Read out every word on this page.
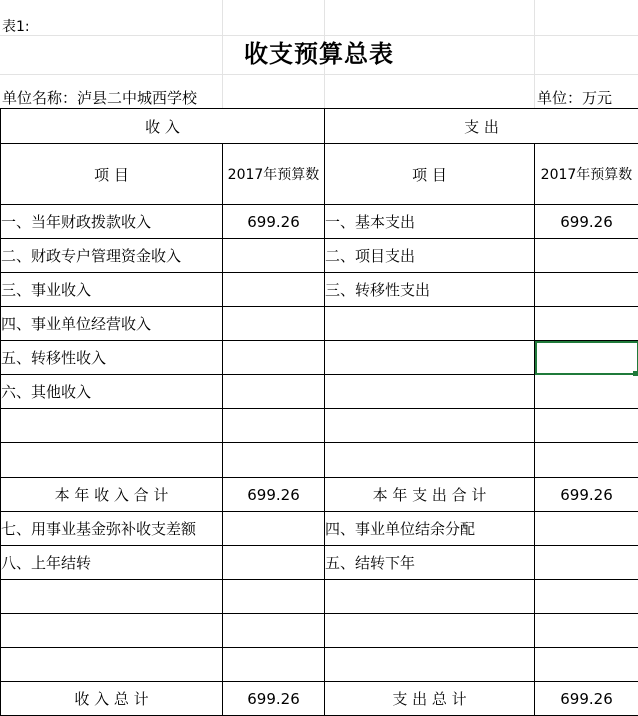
表1:
收支预算总表
单位名称：泸县二中城西学校	单位：万元
收 入		支 出	
项 目	2017年预算数	项 目	2017年预算数
一、当年财政拨款收入	699.26	一、基本支出	699.26
二、财政专户管理资金收入		二、项目支出	
三、事业收入		三、转移性支出	
四、事业单位经营收入			
五、转移性收入			
六、其他收入			

本 年 收 入 合 计	699.26	本 年 支 出 合 计	699.26
七、用事业基金弥补收支差额		四、事业单位结余分配	
八、上年结转		五、结转下年	

收 入 总 计	699.26	支 出 总 计	699.26
